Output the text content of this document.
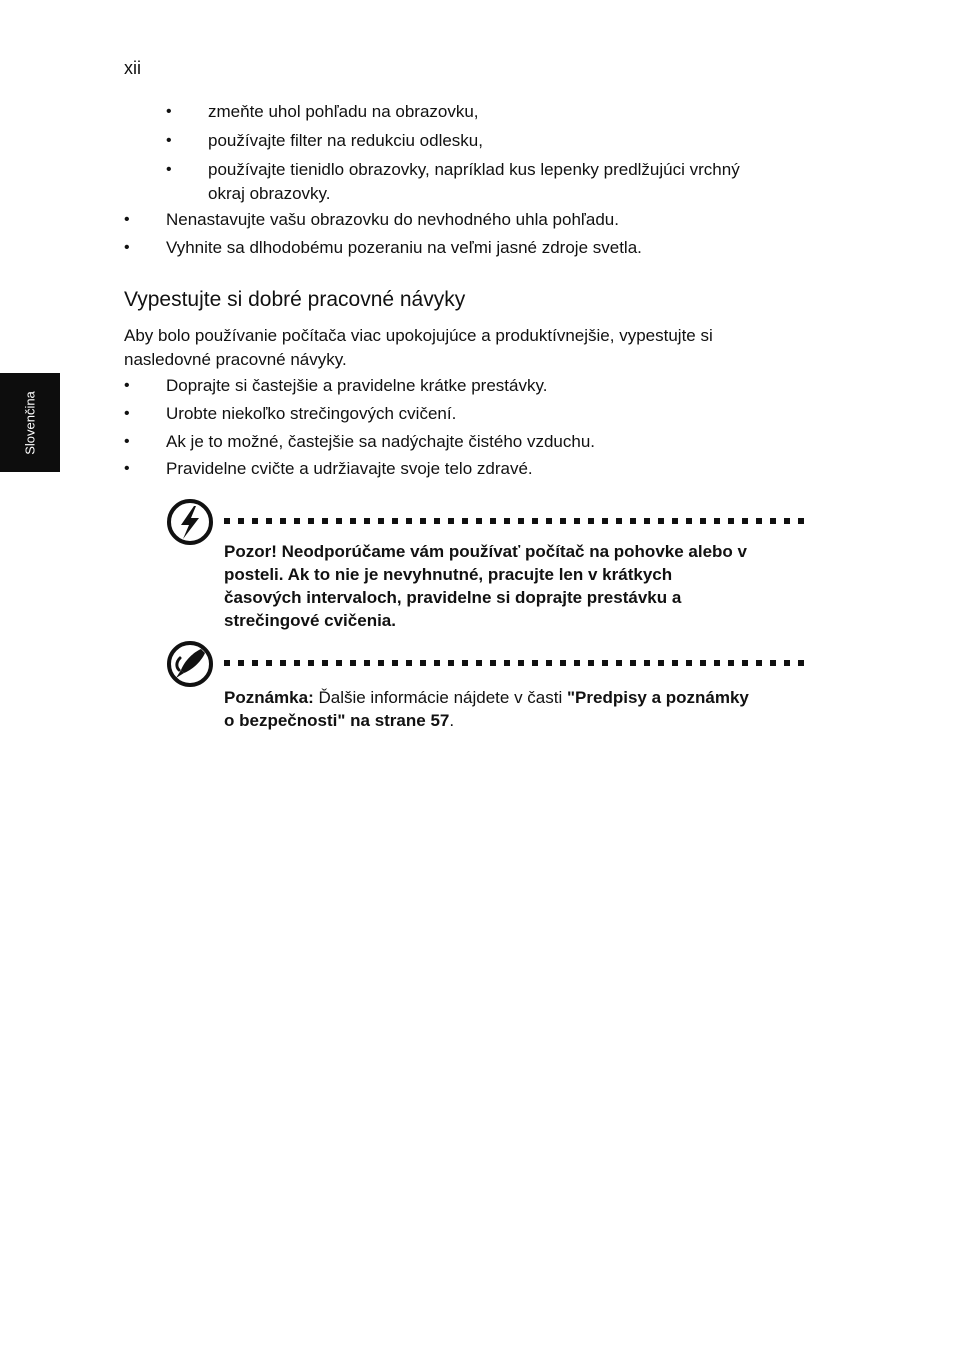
xii
Slovenčina
• zmeňte uhol pohľadu na obrazovku,
• používajte filter na redukciu odlesku,
• používajte tienidlo obrazovky, napríklad kus lepenky predlžujúci vrchný
okraj obrazovky.
• Nenastavujte vašu obrazovku do nevhodného uhla pohľadu.
• Vyhnite sa dlhodobému pozeraniu na veľmi jasné zdroje svetla.
Vypestujte si dobré pracovné návyky
Aby bolo používanie počítača viac upokojujúce a produktívnejšie, vypestujte si
nasledovné pracovné návyky.
• Doprajte si častejšie a pravidelne krátke prestávky.
• Urobte niekoľko strečingových cvičení.
• Ak je to možné, častejšie sa nadýchajte čistého vzduchu.
• Pravidelne cvičte a udržiavajte svoje telo zdravé.
Pozor! Neodporúčame vám používať počítač na pohovke alebo v
posteli. Ak to nie je nevyhnutné, pracujte len v krátkych
časových intervaloch, pravidelne si doprajte prestávku a
strečingové cvičenia.
Poznámka: Ďalšie informácie nájdete v časti "Predpisy a poznámky
o bezpečnosti" na strane 57.
